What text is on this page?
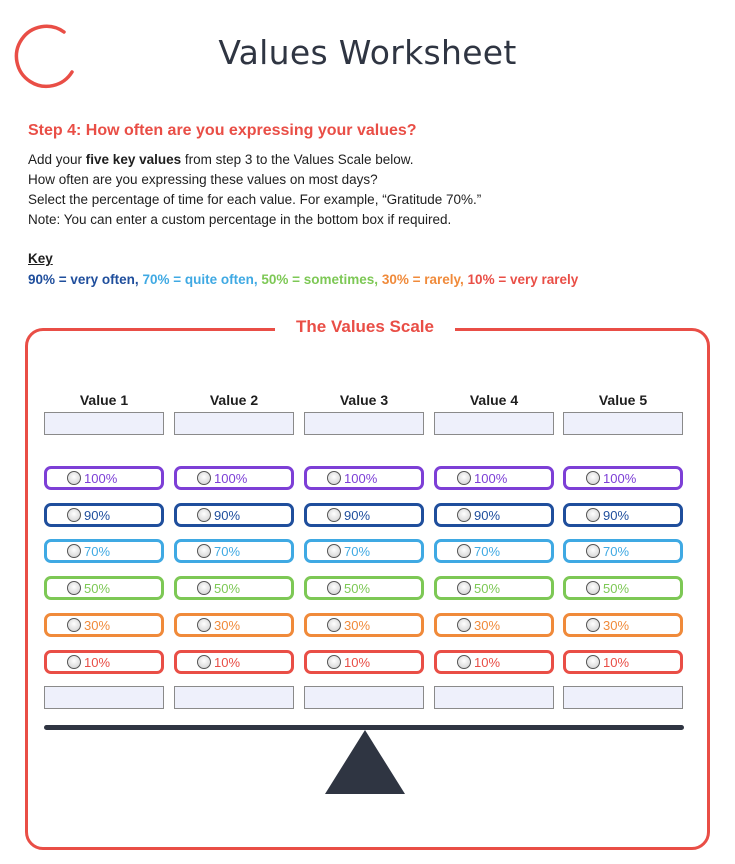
Values Worksheet
Step 4: How often are you expressing your values?
Add your five key values from step 3 to the Values Scale below.
How often are you expressing these values on most days?
Select the percentage of time for each value. For example, “Gratitude 70%.”
Note: You can enter a custom percentage in the bottom box if required.
Key
90% = very often, 70% = quite often, 50% = sometimes, 30% = rarely, 10% = very rarely
The Values Scale
Value 1
100%
90%
70%
50%
30%
10%
Value 2
100%
90%
70%
50%
30%
10%
Value 3
100%
90%
70%
50%
30%
10%
Value 4
100%
90%
70%
50%
30%
10%
Value 5
100%
90%
70%
50%
30%
10%
